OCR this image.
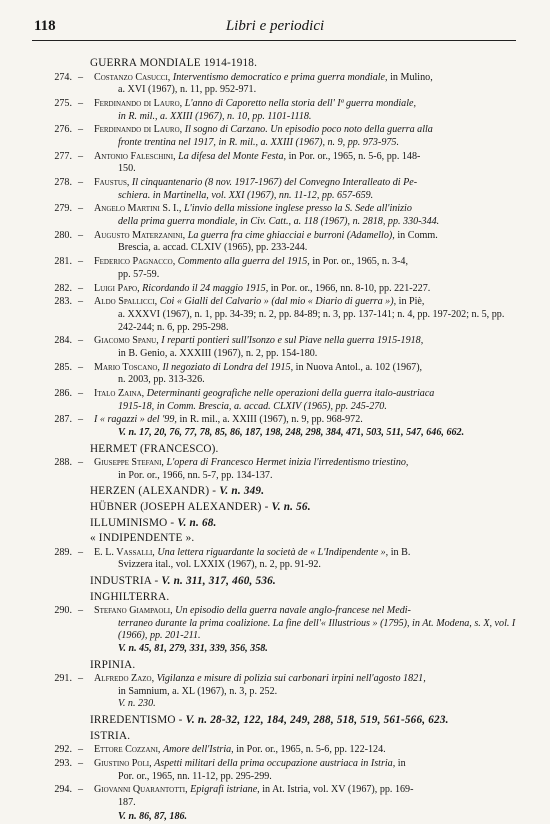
118	Libri e periodici
GUERRA MONDIALE 1914-1918.
274. – Costanzo Casucci, Interventismo democratico e prima guerra mondiale, in Mulino,
a. XVI (1967), n. 11, pp. 952-971.
275. – Ferdinando di Lauro, L'anno di Caporetto nella storia dell' Iª guerra mondiale,
in R. mil., a. XXIII (1967), n. 10, pp. 1101-1118.
276. – Ferdinando di Lauro, Il sogno di Carzano. Un episodio poco noto della guerra alla
fronte trentina nel 1917, in R. mil., a. XXIII (1967), n. 9, pp. 973-975.
277. – Antonio Faleschini, La difesa del Monte Festa, in Por. or., 1965, n. 5-6, pp. 148-
150.
278. – Faustus, Il cinquantenario (8 nov. 1917-1967) del Convegno Interalleato di Pe-
schiera. in Martinella, vol. XXI (1967), nn. 11-12, pp. 657-659.
279. – Angelo Martini S. I., L'invio della missione inglese presso la S. Sede all'inizio
della prima guerra mondiale, in Civ. Catt., a. 118 (1967), n. 2818, pp. 330-344.
280. – Augusto Materzanini, La guerra fra cime ghiacciai e burroni (Adamello), in Comm.
Brescia, a. accad. CLXIV (1965), pp. 233-244.
281. – Federico Pagnacco, Commento alla guerra del 1915, in Por. or., 1965, n. 3-4,
pp. 57-59.
282. – Luigi Papo, Ricordando il 24 maggio 1915, in Por. or., 1966, nn. 8-10, pp. 221-227.
283. – Aldo Spallicci, Coi « Gialli del Calvario » (dal mio « Diario di guerra »), in Piè,
a. XXXVI (1967), n. 1, pp. 34-39; n. 2, pp. 84-89; n. 3, pp. 137-141; n. 4, pp. 197-202; n. 5, pp. 242-244; n. 6, pp. 295-298.
284. – Giacomo Spanu, I reparti pontieri sull'Isonzo e sul Piave nella guerra 1915-1918,
in B. Genio, a. XXXIII (1967), n. 2, pp. 154-180.
285. – Mario Toscano, Il negoziato di Londra del 1915, in Nuova Antol., a. 102 (1967),
n. 2003, pp. 313-326.
286. – Italo Zaina, Determinanti geografiche nelle operazioni della guerra italo-austriaca
1915-18, in Comm. Brescia, a. accad. CLXIV (1965), pp. 245-270.
287. – I « ragazzi » del '99, in R. mil., a. XXIII (1967), n. 9, pp. 968-972.
V. n. 17, 20, 76, 77, 78, 85, 86, 187, 198, 248, 298, 384, 471, 503, 511, 547, 646, 662.
HERMET (FRANCESCO).
288. – Giuseppe Stefani, L'opera di Francesco Hermet inizia l'irredentismo triestino,
in Por. or., 1966, nn. 5-7, pp. 134-137.
HERZEN (ALEXANDR) - V. n. 349.
HÜBNER (JOSEPH ALEXANDER) - V. n. 56.
ILLUMINISMO - V. n. 68.
« INDIPENDENTE ».
289. – E. L. Vassalli, Una lettera riguardante la società de « L'Indipendente », in B.
Svizzera ital., vol. LXXIX (1967), n. 2, pp. 91-92.
INDUSTRIA - V. n. 311, 317, 460, 536.
INGHILTERRA.
290. – Stefano Giampaoli, Un episodio della guerra navale anglo-francese nel Medi-
terraneo durante la prima coalizione. La fine dell'« Illustrious » (1795), in At. Modena, s. X, vol. I (1966), pp. 201-211.
V. n. 45, 81, 279, 331, 339, 356, 358.
IRPINIA.
291. – Alfredo Zazo, Vigilanza e misure di polizia sui carbonari irpini nell'agosto 1821,
in Samnium, a. XL (1967), n. 3, p. 252.
V. n. 230.
IRREDENTISMO - V. n. 28-32, 122, 184, 249, 288, 518, 519, 561-566, 623.
ISTRIA.
292. – Ettore Cozzani, Amore dell'Istria, in Por. or., 1965, n. 5-6, pp. 122-124.
293. – Giustino Poli, Aspetti militari della prima occupazione austriaca in Istria, in
Por. or., 1965, nn. 11-12, pp. 295-299.
294. – Giovanni Quarantotti, Epigrafi istriane, in At. Istria, vol. XV (1967), pp. 169-
187.
V. n. 86, 87, 186.
